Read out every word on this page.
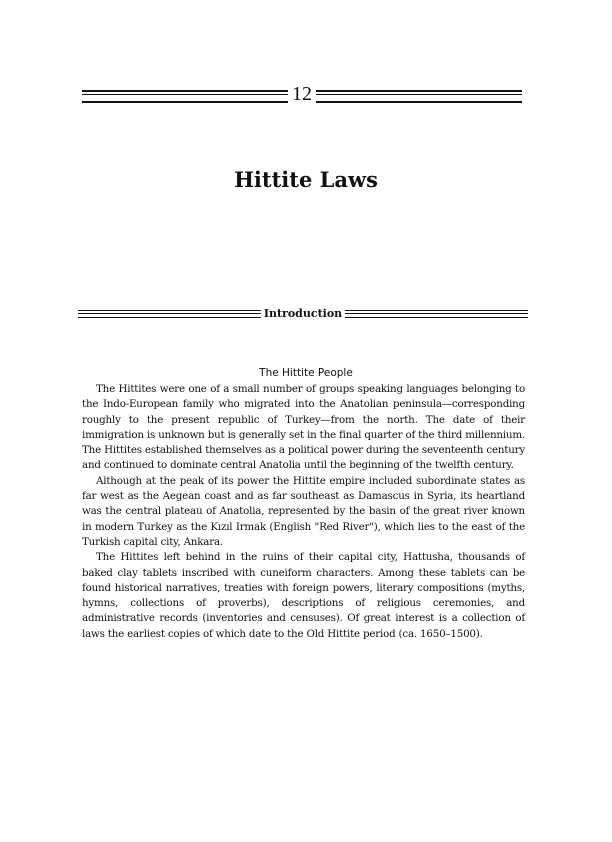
12
Hittite Laws
Introduction
The Hittite People

The Hittites were one of a small number of groups speaking languages belonging to the Indo-European family who migrated into the Anatolian peninsula—corresponding roughly to the present republic of Turkey—from the north. The date of their immigration is unknown but is generally set in the final quarter of the third millennium. The Hittites established themselves as a political power during the seventeenth century and continued to dominate central Anatolia until the beginning of the twelfth century.

Although at the peak of its power the Hittite empire included subordinate states as far west as the Aegean coast and as far southeast as Damascus in Syria, its heartland was the central plateau of Anatolia, represented by the basin of the great river known in modern Turkey as the Kızıl Irmak (English "Red River"), which lies to the east of the Turkish capital city, Ankara.

The Hittites left behind in the ruins of their capital city, Hattusha, thousands of baked clay tablets inscribed with cuneiform characters. Among these tablets can be found historical narratives, treaties with foreign powers, literary compositions (myths, hymns, collections of proverbs), descriptions of religious ceremonies, and administrative records (inventories and censuses). Of great interest is a collection of laws the earliest copies of which date to the Old Hittite period (ca. 1650–1500).
